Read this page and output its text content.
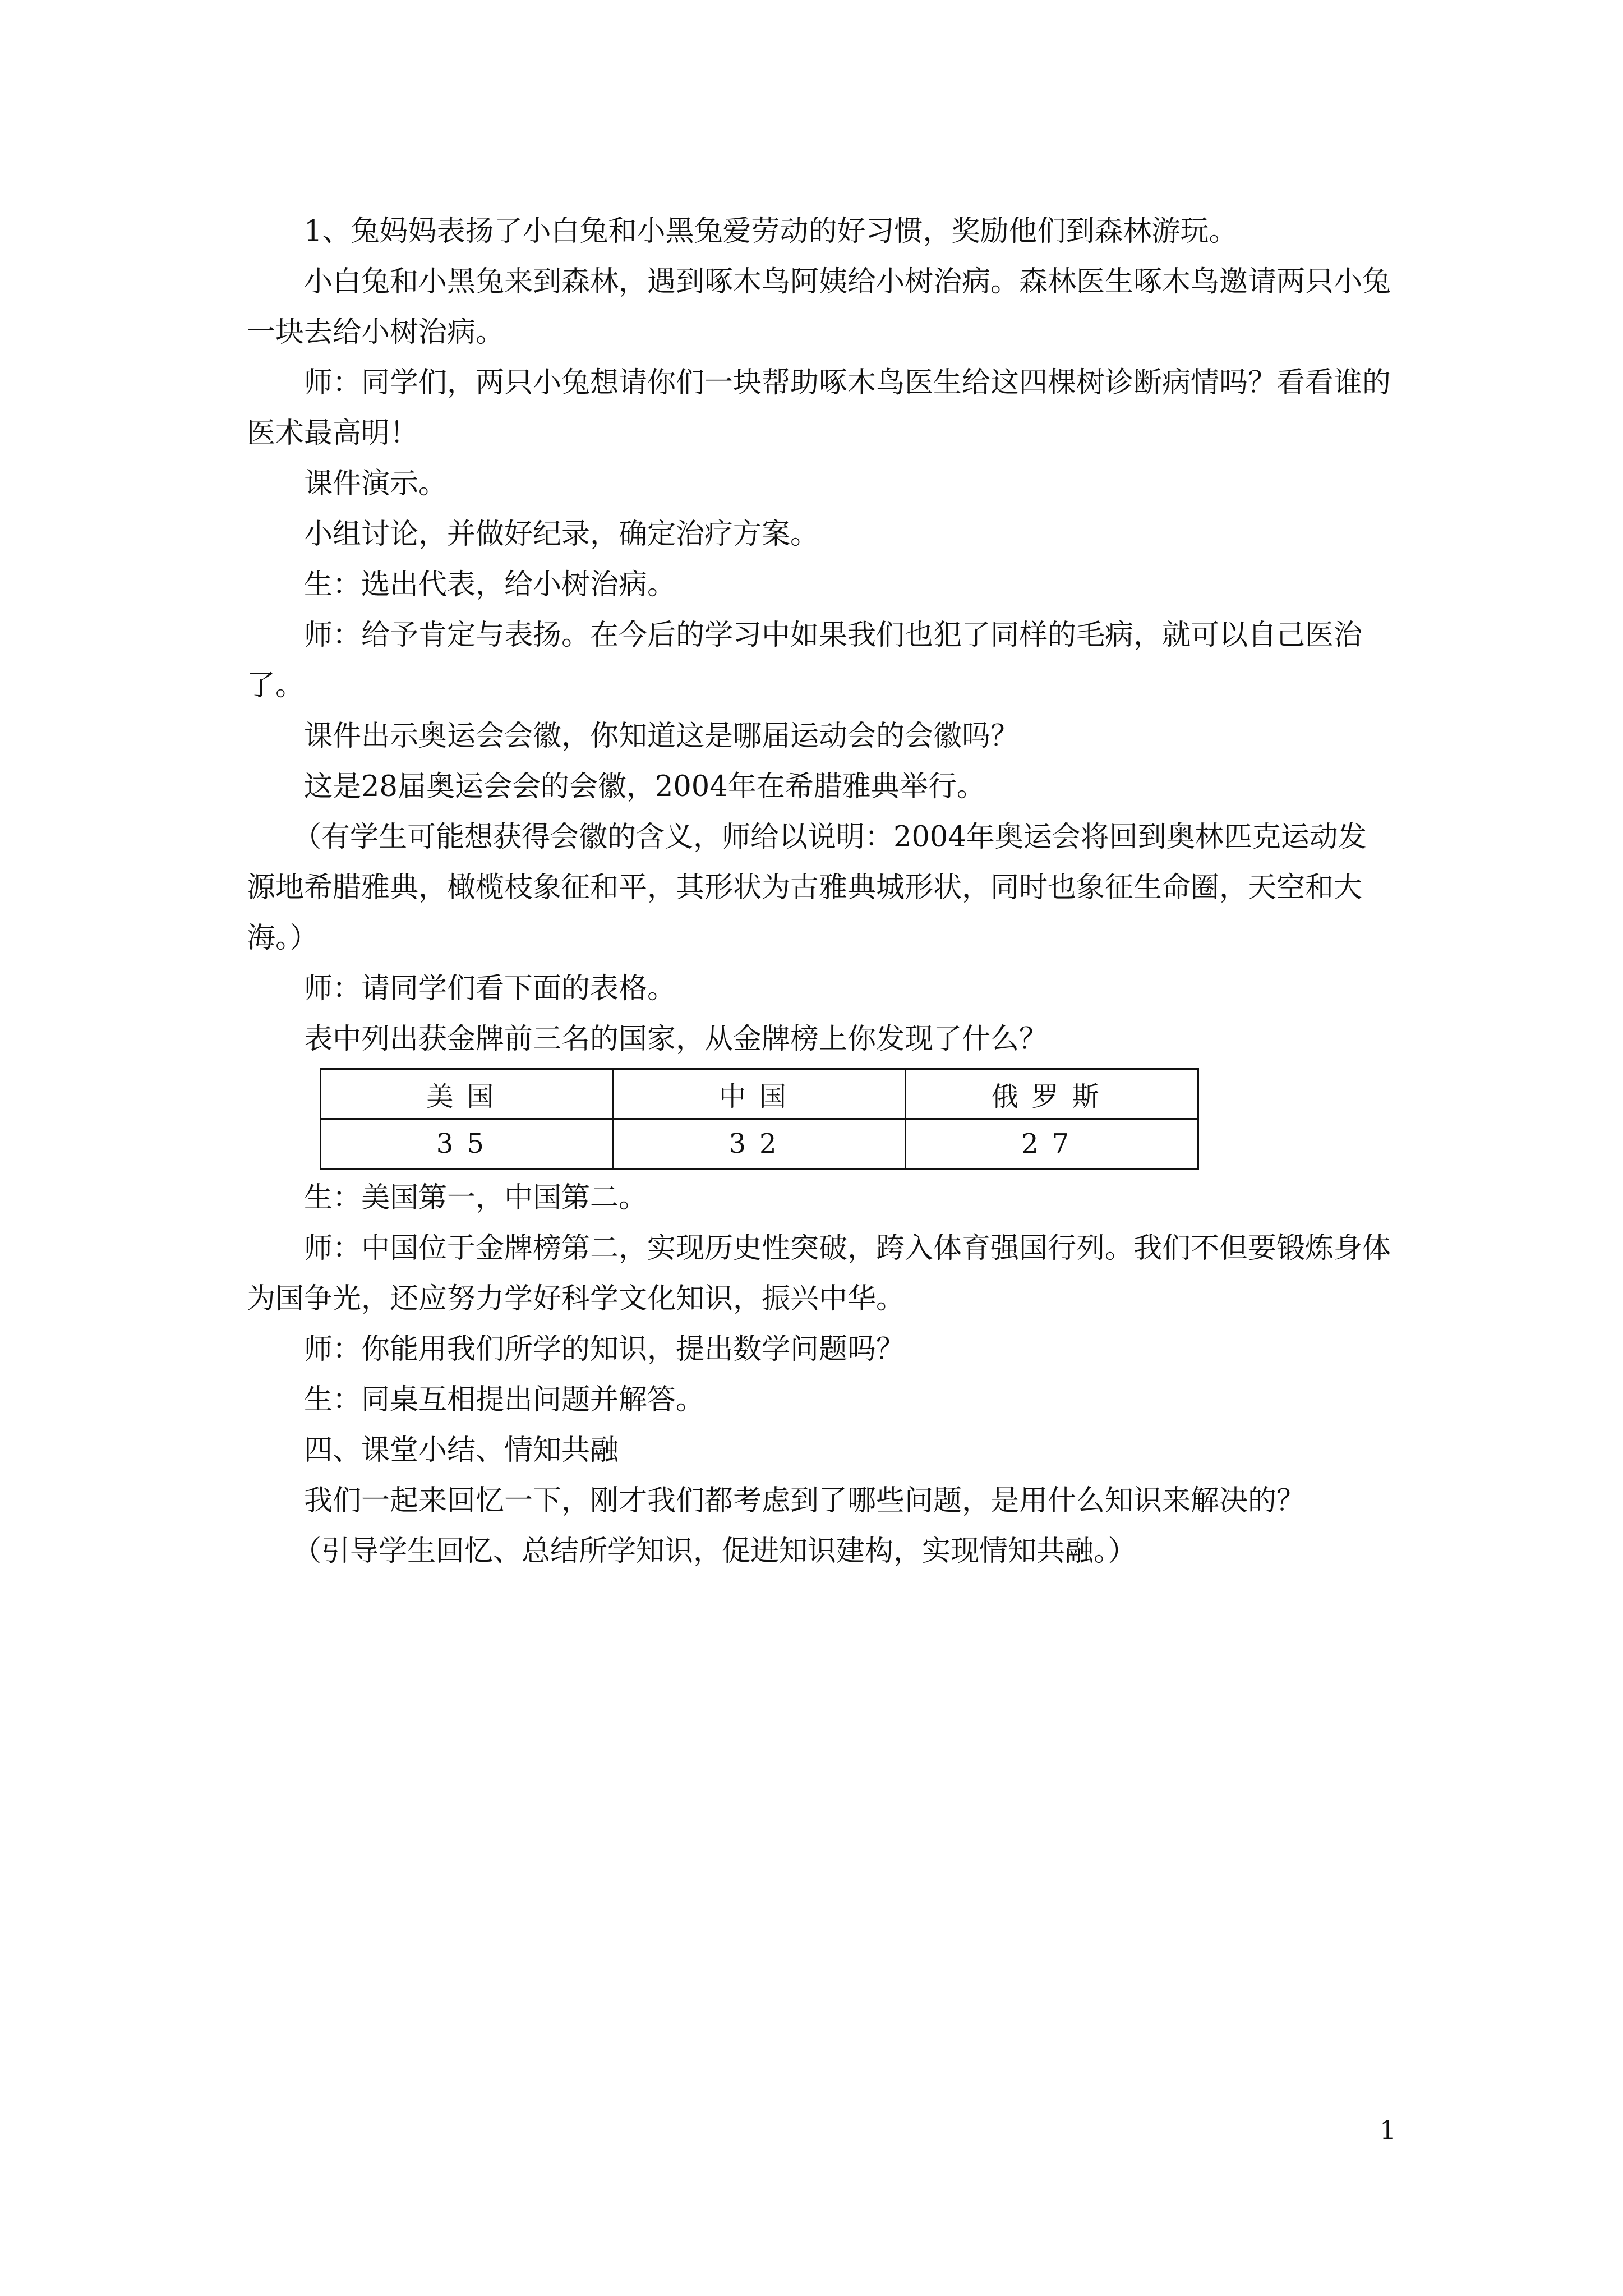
1、兔妈妈表扬了小白兔和小黑兔爱劳动的好习惯，奖励他们到森林游玩。

小白兔和小黑兔来到森林，遇到啄木鸟阿姨给小树治病。森林医生啄木鸟邀请两只小兔一块去给小树治病。

师：同学们，两只小兔想请你们一块帮助啄木鸟医生给这四棵树诊断病情吗？看看谁的医术最高明！

课件演示。

小组讨论，并做好纪录，确定治疗方案。

生：选出代表，给小树治病。

师：给予肯定与表扬。在今后的学习中如果我们也犯了同样的毛病，就可以自己医治了。

课件出示奥运会会徽，你知道这是哪届运动会的会徽吗？

这是28届奥运会会的会徽，2004年在希腊雅典举行。

（有学生可能想获得会徽的含义，师给以说明：2004年奥运会将回到奥林匹克运动发源地希腊雅典，橄榄枝象征和平，其形状为古雅典城形状，同时也象征生命圈，天空和大海。）

师：请同学们看下面的表格。

表中列出获金牌前三名的国家，从金牌榜上你发现了什么？

美国	中国	俄罗斯
35	32	27

生：美国第一，中国第二。

师：中国位于金牌榜第二，实现历史性突破，跨入体育强国行列。我们不但要锻炼身体为国争光，还应努力学好科学文化知识，振兴中华。

师：你能用我们所学的知识，提出数学问题吗？

生：同桌互相提出问题并解答。

四、课堂小结、情知共融

我们一起来回忆一下，刚才我们都考虑到了哪些问题，是用什么知识来解决的？

（引导学生回忆、总结所学知识，促进知识建构，实现情知共融。）

1
